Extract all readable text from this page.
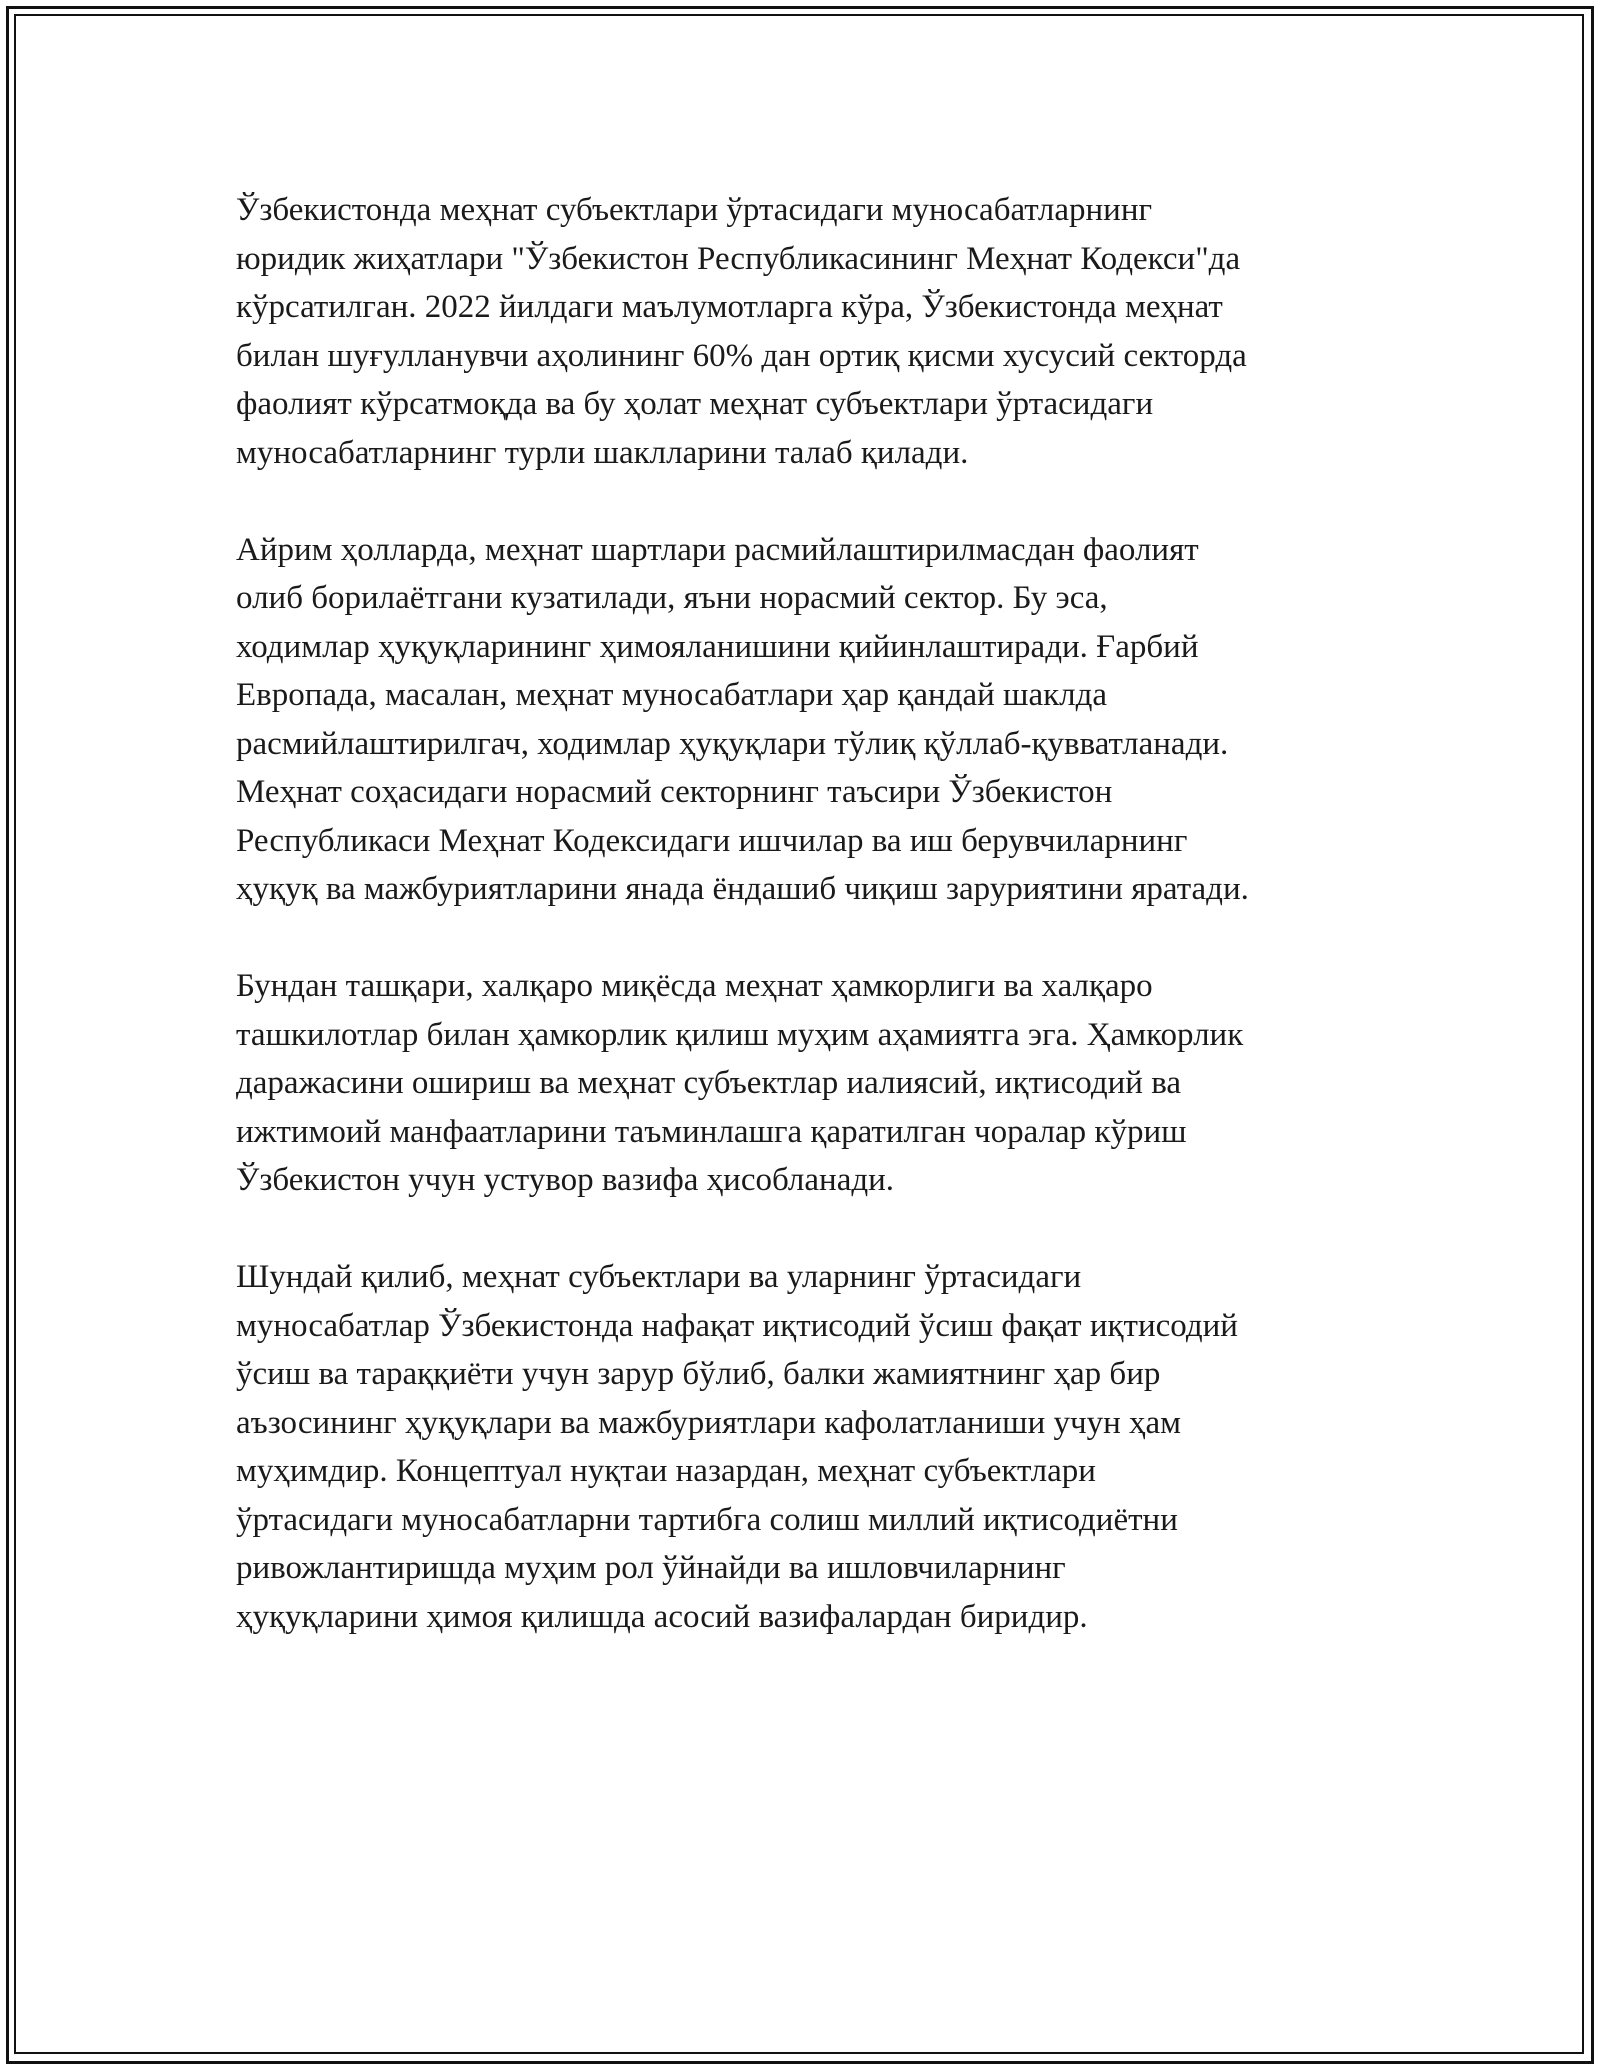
Ўзбекистонда меҳнат субъектлари ўртасидаги муносабатларнинг
юридик жиҳатлари "Ўзбекистон Республикасининг Меҳнат Кодекси"да
кўрсатилган. 2022 йилдаги маълумотларга кўра, Ўзбекистонда меҳнат
билан шуғулланувчи аҳолининг 60% дан ортиқ қисми хусусий секторда
фаолият кўрсатмоқда ва бу ҳолат меҳнат субъектлари ўртасидаги
муносабатларнинг турли шаклларини талаб қилади.

Айрим ҳолларда, меҳнат шартлари расмийлаштирилмасдан фаолият
олиб борилаётгани кузатилади, яъни норасмий сектор. Бу эса,
ходимлар ҳуқуқларининг ҳимояланишини қийинлаштиради. Ғарбий
Европада, масалан, меҳнат муносабатлари ҳар қандай шаклда
расмийлаштирилгач, ходимлар ҳуқуқлари тўлиқ қўллаб-қувватланади.
Меҳнат соҳасидаги норасмий секторнинг таъсири Ўзбекистон
Республикаси Меҳнат Кодексидаги ишчилар ва иш берувчиларнинг
ҳуқуқ ва мажбуриятларини янада ёндашиб чиқиш заруриятини яратади.

Бундан ташқари, халқаро миқёсда меҳнат ҳамкорлиги ва халқаро
ташкилотлар билан ҳамкорлик қилиш муҳим аҳамиятга эга. Ҳамкорлик
даражасини ошириш ва меҳнат субъектлар иалиясий, иқтисодий ва
ижтимоий манфаатларини таъминлашга қаратилган чоралар кўриш
Ўзбекистон учун устувор вазифа ҳисобланади.

Шундай қилиб, меҳнат субъектлари ва уларнинг ўртасидаги
муносабатлар Ўзбекистонда нафақат иқтисодий ўсиш фақат иқтисодий
ўсиш ва тараққиёти учун зарур бўлиб, балки жамиятнинг ҳар бир
аъзосининг ҳуқуқлари ва мажбуриятлари кафолатланиши учун ҳам
муҳимдир. Концептуал нуқтаи назардан, меҳнат субъектлари
ўртасидаги муносабатларни тартибга солиш миллий иқтисодиётни
ривожлантиришда муҳим рол ўйнайди ва ишловчиларнинг
ҳуқуқларини ҳимоя қилишда асосий вазифалардан биридир.
